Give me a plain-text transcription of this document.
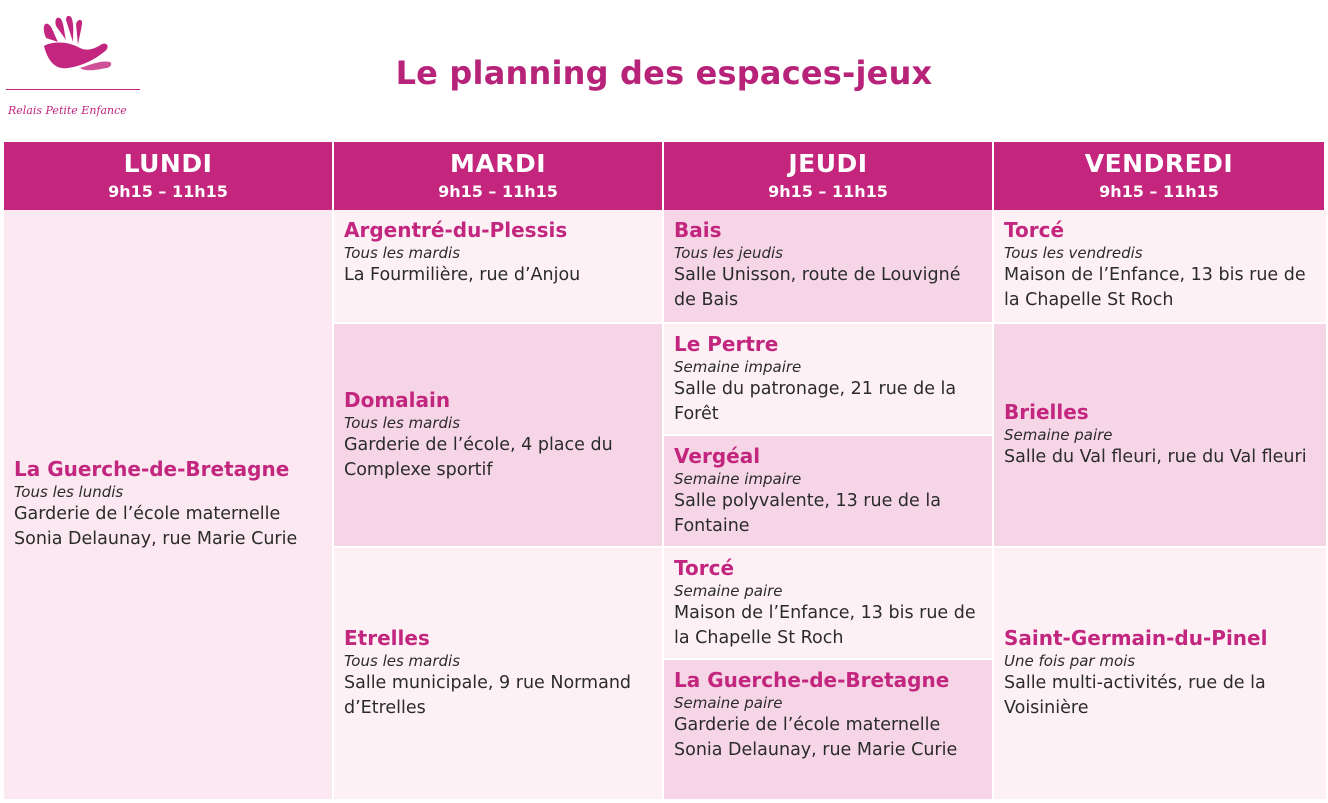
Relais Petite Enfance
Le planning des espaces-jeux
LUNDI
9h15 – 11h15
MARDI
9h15 – 11h15
JEUDI
9h15 – 11h15
VENDREDI
9h15 – 11h15
La Guerche-de-Bretagne
Tous les lundis
Garderie de l’école maternelle Sonia Delaunay, rue Marie Curie
Argentré-du-Plessis
Tous les mardis
La Fourmilière, rue d’Anjou
Domalain
Tous les mardis
Garderie de l’école, 4 place du Complexe sportif
Etrelles
Tous les mardis
Salle municipale, 9 rue Normand d’Etrelles
Bais
Tous les jeudis
Salle Unisson, route de Louvigné de Bais
Le Pertre
Semaine impaire
Salle du patronage, 21 rue de la Forêt
Vergéal
Semaine impaire
Salle polyvalente, 13 rue de la Fontaine
Torcé
Semaine paire
Maison de l’Enfance, 13 bis rue de la Chapelle St Roch
La Guerche-de-Bretagne
Semaine paire
Garderie de l’école maternelle Sonia Delaunay, rue Marie Curie
Torcé
Tous les vendredis
Maison de l’Enfance, 13 bis rue de la Chapelle St Roch
Brielles
Semaine paire
Salle du Val fleuri, rue du Val fleuri
Saint-Germain-du-Pinel
Une fois par mois
Salle multi-activités, rue de la Voisinière
